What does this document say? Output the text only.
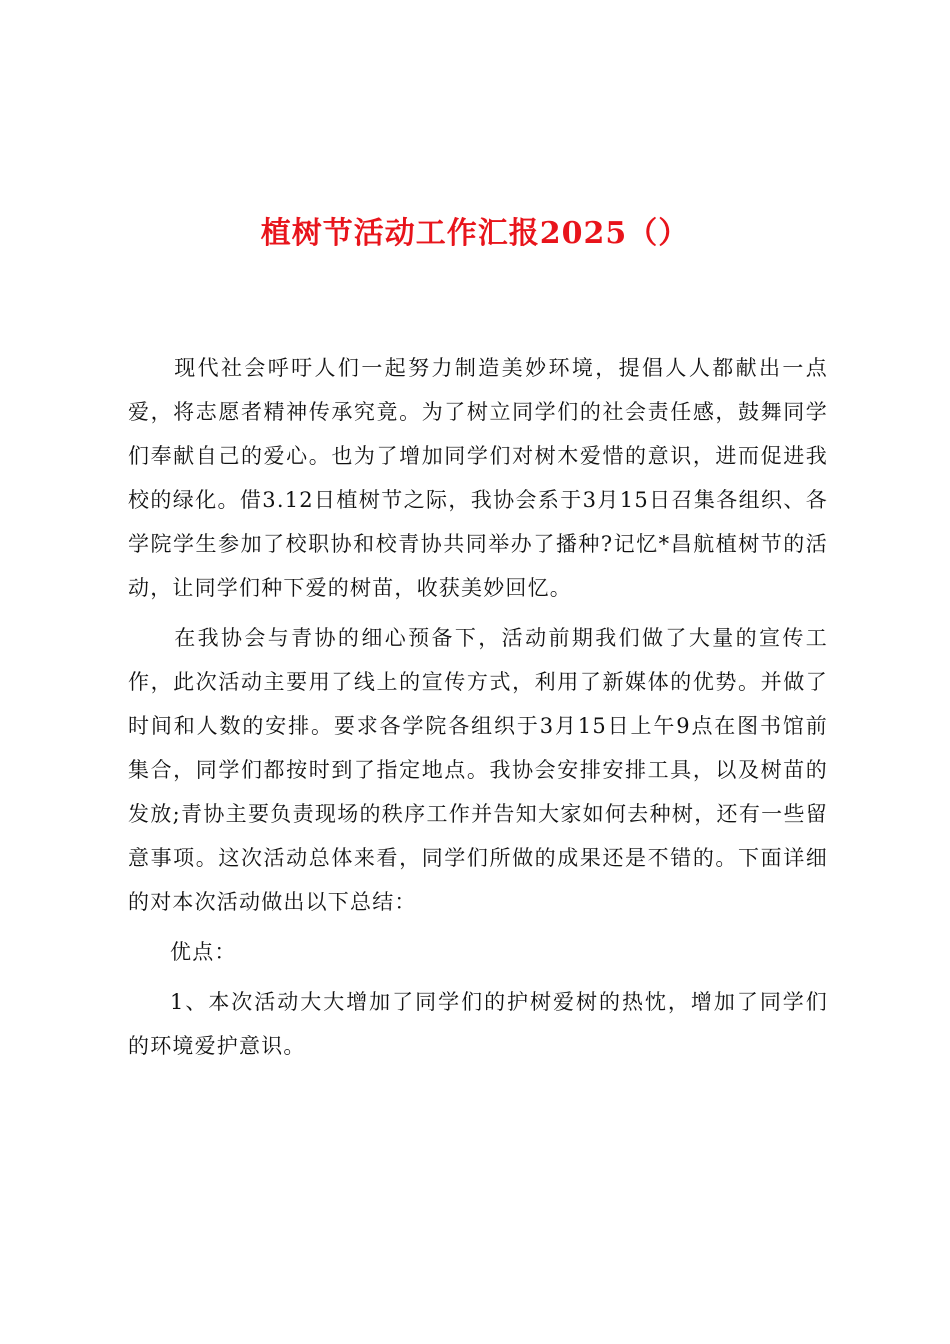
植树节活动工作汇报2025（）

现代社会呼吁人们一起努力制造美妙环境，提倡人人都献出一点爱，将志愿者精神传承究竟。为了树立同学们的社会责任感，鼓舞同学们奉献自己的爱心。也为了增加同学们对树木爱惜的意识，进而促进我校的绿化。借3.12日植树节之际，我协会系于3月15日召集各组织、各学院学生参加了校职协和校青协共同举办了播种?记忆*昌航植树节的活动，让同学们种下爱的树苗，收获美妙回忆。

在我协会与青协的细心预备下，活动前期我们做了大量的宣传工作，此次活动主要用了线上的宣传方式，利用了新媒体的优势。并做了时间和人数的安排。要求各学院各组织于3月15日上午9点在图书馆前集合，同学们都按时到了指定地点。我协会安排安排工具，以及树苗的发放;青协主要负责现场的秩序工作并告知大家如何去种树，还有一些留意事项。这次活动总体来看，同学们所做的成果还是不错的。下面详细的对本次活动做出以下总结：

优点：

1、本次活动大大增加了同学们的护树爱树的热忱，增加了同学们的环境爱护意识。
